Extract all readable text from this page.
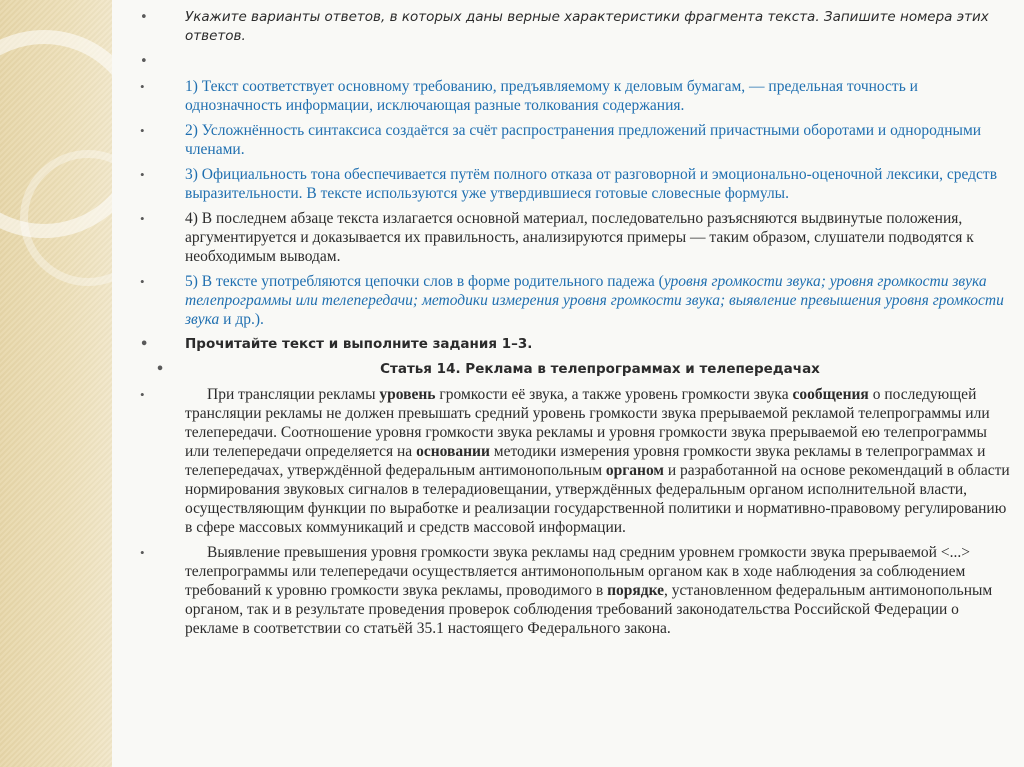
•	Укажите варианты ответов, в которых даны верные характеристики фрагмента текста. Запишите номера этих ответов.
•

•	1) Текст соответствует основному требованию, предъявляемому к деловым бумагам, — предельная точность и однозначность информации, исключающая разные толкования содержания.
•	2) Усложнённость синтаксиса создаётся за счёт распространения предложений причастными оборотами и однородными членами.
•	3) Официальность тона обеспечивается путём полного отказа от разговорной и эмоционально-оценочной лексики, средств выразительности. В тексте используются уже утвердившиеся готовые словесные формулы.
•	4) В последнем абзаце текста излагается основной материал, последовательно разъясняются выдвинутые положения, аргументируется и доказывается их правильность, анализируются примеры — таким образом, слушатели подводятся к необходимым выводам.
•	5) В тексте употребляются цепочки слов в форме родительного падежа (уровня громкости звука; уровня громкости звука телепрограммы или телепередачи; методики измерения уровня громкости звука; выявление превышения уровня громкости звука и др.).
•	Прочитайте текст и выполните задания 1–3.
•	Статья 14. Реклама в телепрограммах и телепередачах
•	При трансляции рекламы уровень громкости её звука, а также уровень громкости звука сообщения о последующей трансляции рекламы не должен превышать средний уровень громкости звука прерываемой рекламой телепрограммы или телепередачи. Соотношение уровня громкости звука рекламы и уровня громкости звука прерываемой ею телепрограммы или телепередачи определяется на основании методики измерения уровня громкости звука рекламы в телепрограммах и телепередачах, утверждённой федеральным антимонопольным органом и разработанной на основе рекомендаций в области нормирования звуковых сигналов в телерадиовещании, утверждённых федеральным органом исполнительной власти, осуществляющим функции по выработке и реализации государственной политики и нормативно-правовому регулированию в сфере массовых коммуникаций и средств массовой информации.
•	Выявление превышения уровня громкости звука рекламы над средним уровнем громкости звука прерываемой <...> телепрограммы или телепередачи осуществляется антимонопольным органом как в ходе наблюдения за соблюдением требований к уровню громкости звука рекламы, проводимого в порядке, установленном федеральным антимонопольным органом, так и в результате проведения проверок соблюдения требований законодательства Российской Федерации о рекламе в соответствии со статьёй 35.1 настоящего Федерального закона.
